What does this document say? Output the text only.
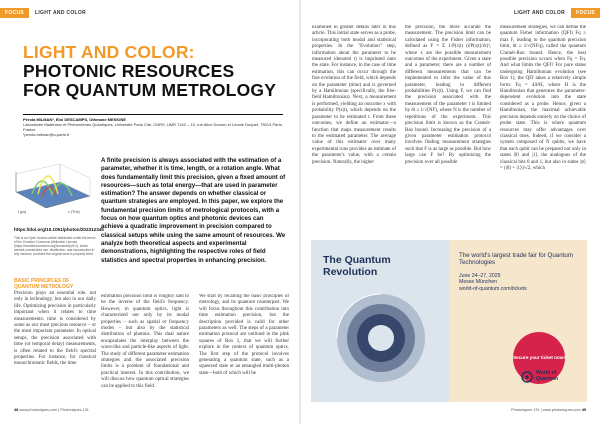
FOCUS	LIGHT AND COLOR	LIGHT AND COLOR	FOCUS
LIGHT AND COLOR:
PHOTONIC RESOURCES
FOR QUANTUM METROLOGY
Pérola MILMAN¹, Eloi DESCAMPS, Othmane MESKINE
Laboratoire Matériaux et Phénomènes Quantiques, Université Paris Cité, CNRS, UMR 7162 – 10, rue Alice Domon et Léonie Duquet, 75013 Paris, France
¹perola.milman@u-paris.fr
t (ps)	ν (THz)
https://doi.org/10.1051/photon/202312345
This is an Open Access article distributed under the terms of the Creative Commons Attribution License (https://creativecommons.org/licenses/by/4.0), which permits unrestricted use, distribution, and reproduction in any medium, provided the original work is properly cited.
A finite precision is always associated with the estimation of a parameter, whether it is time, length, or a rotation angle. What does fundamentally limit this precision, given a fixed amount of resources—such as total energy—that are used in parameter estimation? The answer depends on whether classical or quantum strategies are employed. In this paper, we explore the fundamental precision limits of metrological protocols, with a focus on how quantum optics and photonic devices can achieve a quadratic improvement in precision compared to classical setups while using the same amount of resources. We analyze both theoretical aspects and experimental demonstrations, highlighting the respective roles of field statistics and spectral properties in enhancing precision.
BASIC PRINCIPLES OF QUANTUM METROLOGY
Precision plays an essential role, not only in technology, but also in our daily life. Optimizing precision in particularly important when it relates to time measurements: time is considered by some as our most precious resource – or the most important parameter. In optical setups, the precision associated with time (or temporal delay) measurements, is often related to the field's spectral properties. For instance, for classical monochromatic fields, the time
estimation precision limit is roughly said to be the inverse of the field's frequency. However, in quantum optics, light is characterized not only by its modal properties – such as spatial or frequency modes – but also by the statistical distribution of photons. This dual nature encapsulates the interplay between the wave-like and particle-like aspects of light. The study of different parameter estimation strategies and the associated precision limits is a problem of foundational and practical interest. In this contribution, we will discuss how quantum optical strategies can be applied to this field.
We start by recalling the basic principles of metrology, and its quantum counterpart. We will focus throughout this contribution into time estimation precision, but the description provided is valid for other parameters as well. The steps of a parameter estimation protocol are outlined in the pink squares of Box 1, that we will further explore in the context of quantum optics. The first step of the protocol involves generating a quantum state, such as a squeezed state or an entangled multi-photon state—both of which will be
examined in greater details later in this article. This initial state serves as a probe, incorporating both modal and statistical properties. In the "Evolution" step, information about the parameter to be measured (denoted t) is imprinted onto the state. For instance, in the case of time estimation, this can occur through the free evolution of the field, which depends on the parameter (time) and is governed by a Hamiltonian (specifically, the free-field Hamiltonian). Next, a measurement is performed, yielding an outcome x with probability P(x|t), which depends on the parameter to be estimated t. From these outcomes, we define an estimator—a function that maps measurement results to the estimated parameter. The average value of this estimator over many experimental runs provides an estimate of the parameter's value, with a certain precision. Naturally, the higher
the precision, the more accurate the measurement. The precision limit can be calculated using the Fisher information, defined as F = Σ 1/P(x|t) (∂P(x|t)/∂t)², where x are the possible measurement outcomes of the experiment. Given a state and a parameter, there are a number of different measurements that can be implemented to infer the value of this parameter, leading to different probabilities P(x|t). Using F, we can find the precision associated with the measurement of the parameter t is limited by δt ≥ 1/√(NF), where N is the number of repetitions of the experiment. This precision limit is known as the Cramér-Rao bound. Increasing the precision of a given parameter estimation protocol involves finding measurement strategies such that F is as large as possible. But how large can F be? By optimizing the precision over all possible
measurement strategies, we can define the quantum Fisher information (QFI) Fq ≥ max F, leading to the quantum precision limit, δt ≥ 1/√(NFq), called the quantum Cramér-Rao bound. Hence, the best possible precision occurs when Fq = Fq. And what limits the QFI? For pure states undergoing Hamiltonian evolution (see Box 1), the QFI takes a relatively simple form: Fq = 4Δ²H, where H is the Hamiltonian that generates the parameter-dependent evolution into the state considered as a probe. Hence, given a Hamiltonian, the maximal achievable precision depends entirely on the choice of probe state. This is where quantum resources may offer advantages over classical ones. Indeed, if we consider a system composed of N qubits, we have that each qubit can be prepared not only in states |0⟩ and |1⟩, the analogous of the classical bits 0 and 1, but also in states |ψ⟩ = (|0⟩ + |1⟩)/√2, which
The Quantum
Revolution
The world's largest trade fair for Quantum Technologies
June 24–27, 2025
Messe München
world-of-quantum.com/tickets
Secure your ticket now!
World of
Quantum
48 www.photoniques.com | Photoniques 131	Photoniques 131 | www.photoniques.com 49
